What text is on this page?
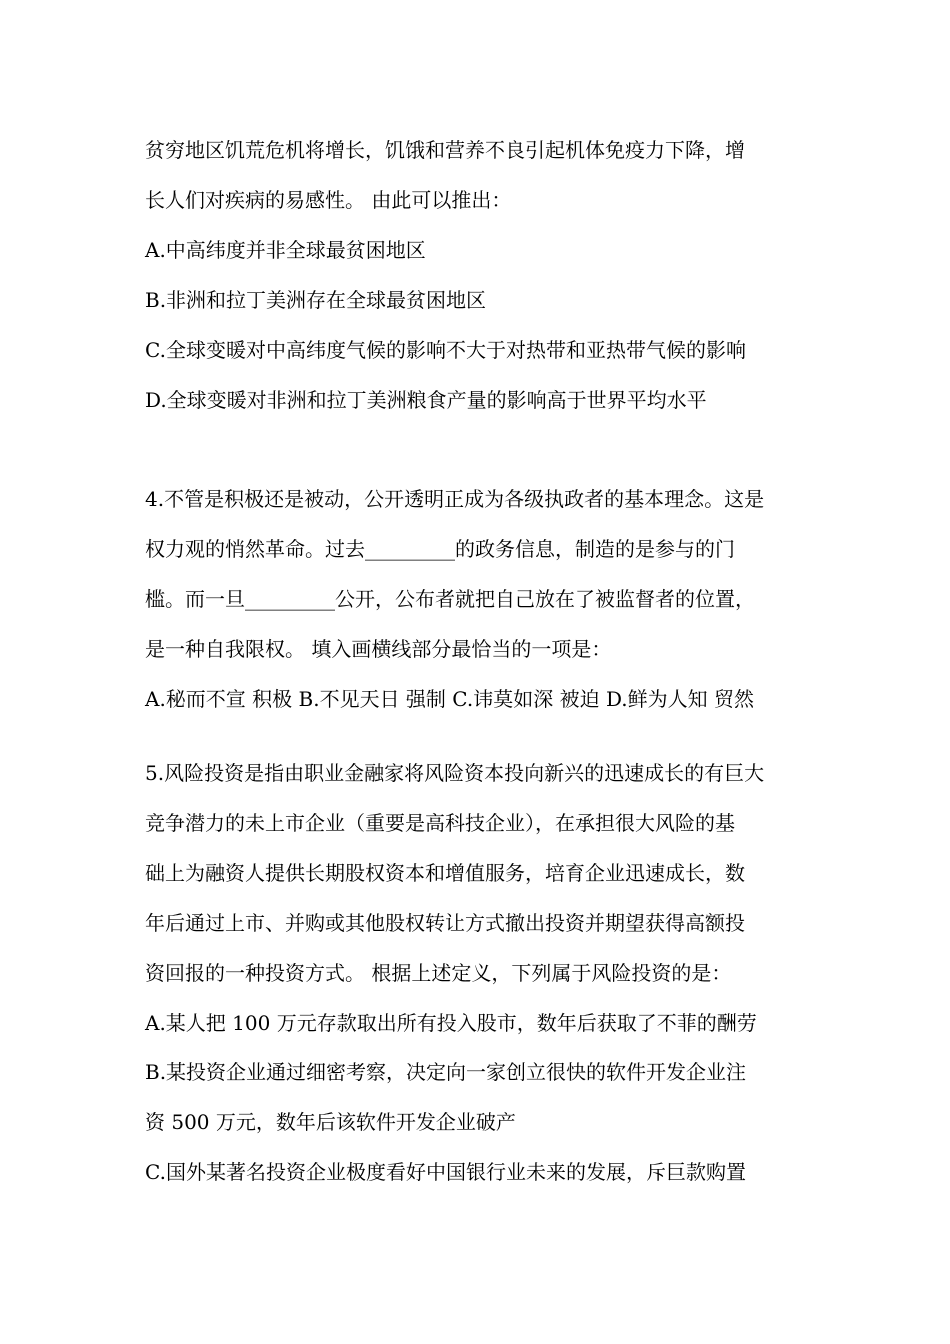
贫穷地区饥荒危机将增长，饥饿和营养不良引起机体免疫力下降，增
长人们对疾病的易感性。 由此可以推出：
A.中高纬度并非全球最贫困地区
B.非洲和拉丁美洲存在全球最贫困地区
C.全球变暖对中高纬度气候的影响不大于对热带和亚热带气候的影响
D.全球变暖对非洲和拉丁美洲粮食产量的影响高于世界平均水平
4.不管是积极还是被动，公开透明正成为各级执政者的基本理念。这是
权力观的悄然革命。过去_________的政务信息，制造的是参与的门
槛。而一旦_________公开，公布者就把自己放在了被监督者的位置，
是一种自我限权。 填入画横线部分最恰当的一项是：
A.秘而不宣 积极 B.不见天日 强制 C.讳莫如深 被迫 D.鲜为人知 贸然
5.风险投资是指由职业金融家将风险资本投向新兴的迅速成长的有巨大
竞争潜力的未上市企业（重要是高科技企业），在承担很大风险的基
础上为融资人提供长期股权资本和增值服务，培育企业迅速成长，数
年后通过上市、并购或其他股权转让方式撤出投资并期望获得高额投
资回报的一种投资方式。 根据上述定义，下列属于风险投资的是：
A.某人把 100 万元存款取出所有投入股市，数年后获取了不菲的酬劳
B.某投资企业通过细密考察，决定向一家创立很快的软件开发企业注
资 500 万元，数年后该软件开发企业破产
C.国外某著名投资企业极度看好中国银行业未来的发展，斥巨款购置
